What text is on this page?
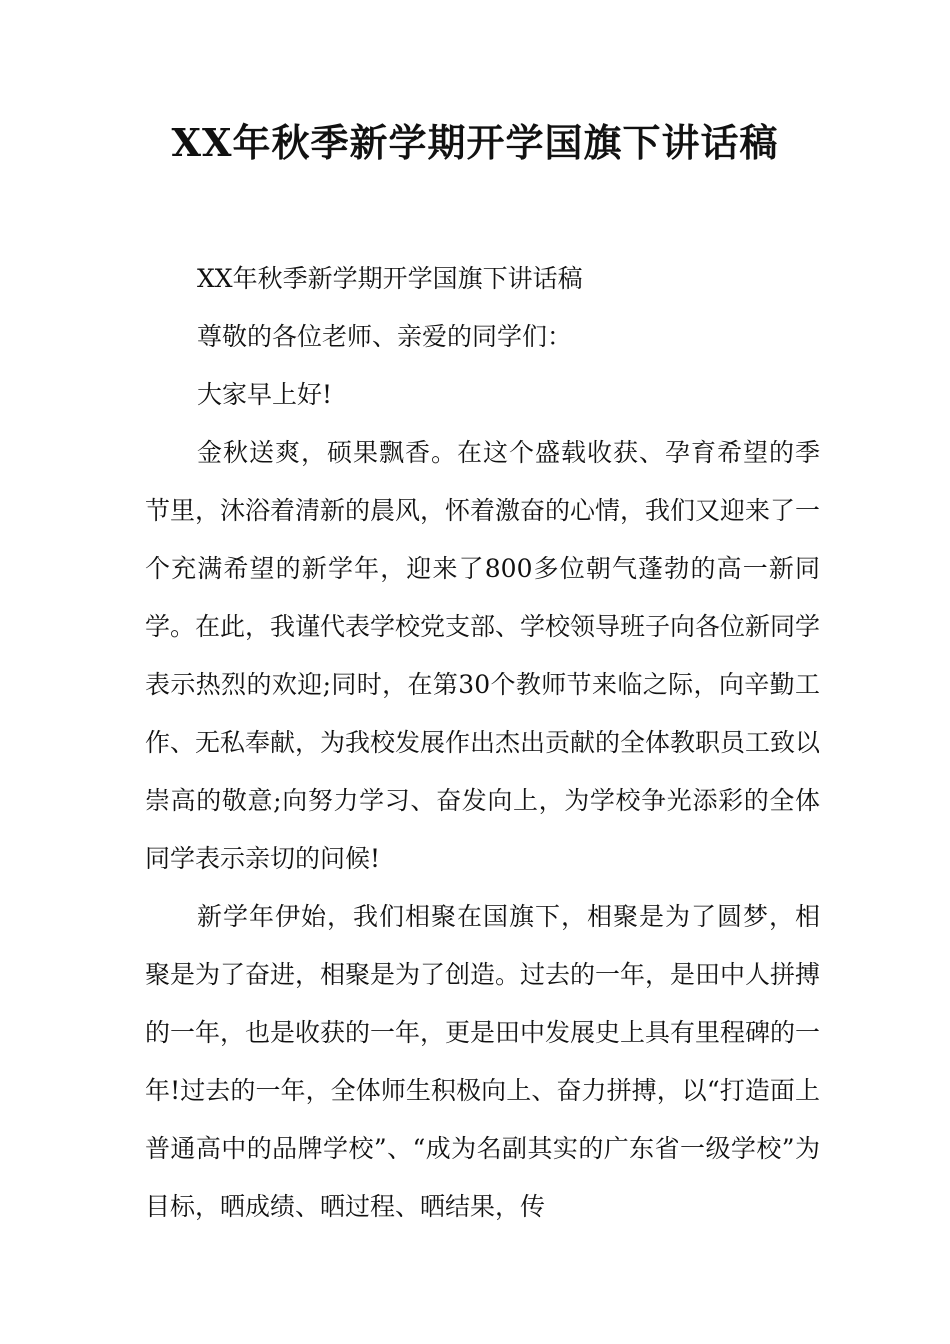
XX年秋季新学期开学国旗下讲话稿

XX年秋季新学期开学国旗下讲话稿

尊敬的各位老师、亲爱的同学们：

大家早上好!

金秋送爽，硕果飘香。在这个盛载收获、孕育希望的季节里，沐浴着清新的晨风，怀着激奋的心情，我们又迎来了一个充满希望的新学年，迎来了800多位朝气蓬勃的高一新同学。在此，我谨代表学校党支部、学校领导班子向各位新同学表示热烈的欢迎;同时，在第30个教师节来临之际，向辛勤工作、无私奉献，为我校发展作出杰出贡献的全体教职员工致以崇高的敬意;向努力学习、奋发向上，为学校争光添彩的全体同学表示亲切的问候!

新学年伊始，我们相聚在国旗下，相聚是为了圆梦，相聚是为了奋进，相聚是为了创造。过去的一年，是田中人拼搏的一年，也是收获的一年，更是田中发展史上具有里程碑的一年!过去的一年，全体师生积极向上、奋力拼搏，以“打造面上普通高中的品牌学校”、“成为名副其实的广东省一级学校”为目标，晒成绩、晒过程、晒结果，传
